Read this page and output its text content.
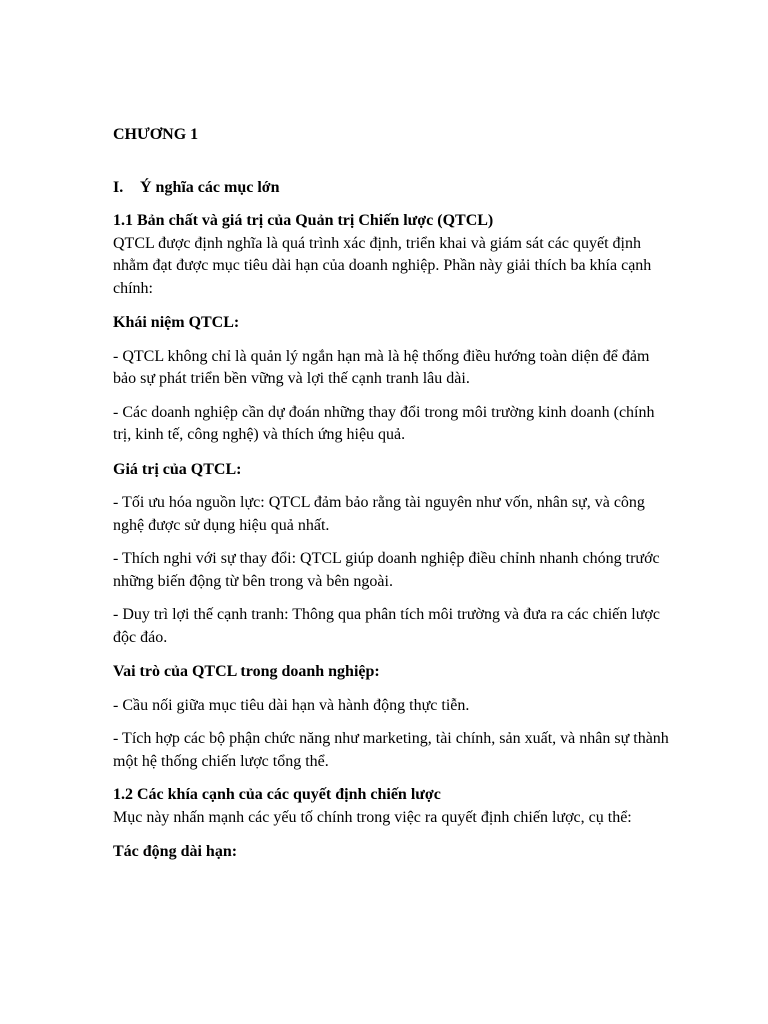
CHƯƠNG 1

I. Ý nghĩa các mục lớn

1.1 Bản chất và giá trị của Quản trị Chiến lược (QTCL)

QTCL được định nghĩa là quá trình xác định, triển khai và giám sát các quyết định nhằm đạt được mục tiêu dài hạn của doanh nghiệp. Phần này giải thích ba khía cạnh chính:

Khái niệm QTCL:

- QTCL không chỉ là quản lý ngắn hạn mà là hệ thống điều hướng toàn diện để đảm bảo sự phát triển bền vững và lợi thế cạnh tranh lâu dài.

- Các doanh nghiệp cần dự đoán những thay đổi trong môi trường kinh doanh (chính trị, kinh tế, công nghệ) và thích ứng hiệu quả.

Giá trị của QTCL:

- Tối ưu hóa nguồn lực: QTCL đảm bảo rằng tài nguyên như vốn, nhân sự, và công nghệ được sử dụng hiệu quả nhất.

- Thích nghi với sự thay đổi: QTCL giúp doanh nghiệp điều chỉnh nhanh chóng trước những biến động từ bên trong và bên ngoài.

- Duy trì lợi thế cạnh tranh: Thông qua phân tích môi trường và đưa ra các chiến lược độc đáo.

Vai trò của QTCL trong doanh nghiệp:

- Cầu nối giữa mục tiêu dài hạn và hành động thực tiễn.

- Tích hợp các bộ phận chức năng như marketing, tài chính, sản xuất, và nhân sự thành một hệ thống chiến lược tổng thể.

1.2 Các khía cạnh của các quyết định chiến lược

Mục này nhấn mạnh các yếu tố chính trong việc ra quyết định chiến lược, cụ thể:

Tác động dài hạn:
